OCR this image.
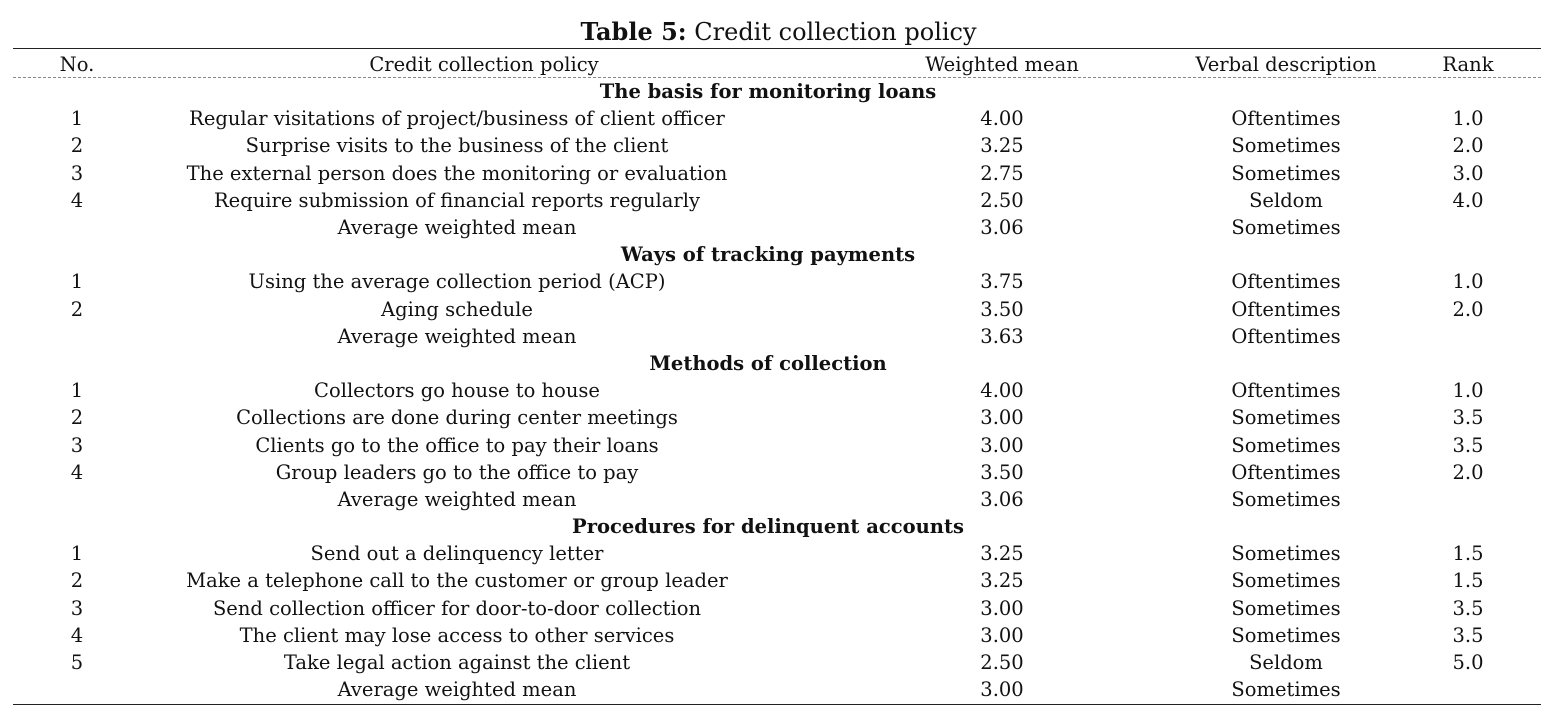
Table 5: Credit collection policy
No.	Credit collection policy	Weighted mean	Verbal description	Rank
	The basis for monitoring loans			
1	Regular visitations of project/business of client officer	4.00	Oftentimes	1.0
2	Surprise visits to the business of the client	3.25	Sometimes	2.0
3	The external person does the monitoring or evaluation	2.75	Sometimes	3.0
4	Require submission of financial reports regularly	2.50	Seldom	4.0
	Average weighted mean	3.06	Sometimes	
	Ways of tracking payments			
1	Using the average collection period (ACP)	3.75	Oftentimes	1.0
2	Aging schedule	3.50	Oftentimes	2.0
	Average weighted mean	3.63	Oftentimes	
	Methods of collection			
1	Collectors go house to house	4.00	Oftentimes	1.0
2	Collections are done during center meetings	3.00	Sometimes	3.5
3	Clients go to the office to pay their loans	3.00	Sometimes	3.5
4	Group leaders go to the office to pay	3.50	Oftentimes	2.0
	Average weighted mean	3.06	Sometimes	
	Procedures for delinquent accounts			
1	Send out a delinquency letter	3.25	Sometimes	1.5
2	Make a telephone call to the customer or group leader	3.25	Sometimes	1.5
3	Send collection officer for door-to-door collection	3.00	Sometimes	3.5
4	The client may lose access to other services	3.00	Sometimes	3.5
5	Take legal action against the client	2.50	Seldom	5.0
	Average weighted mean	3.00	Sometimes	
